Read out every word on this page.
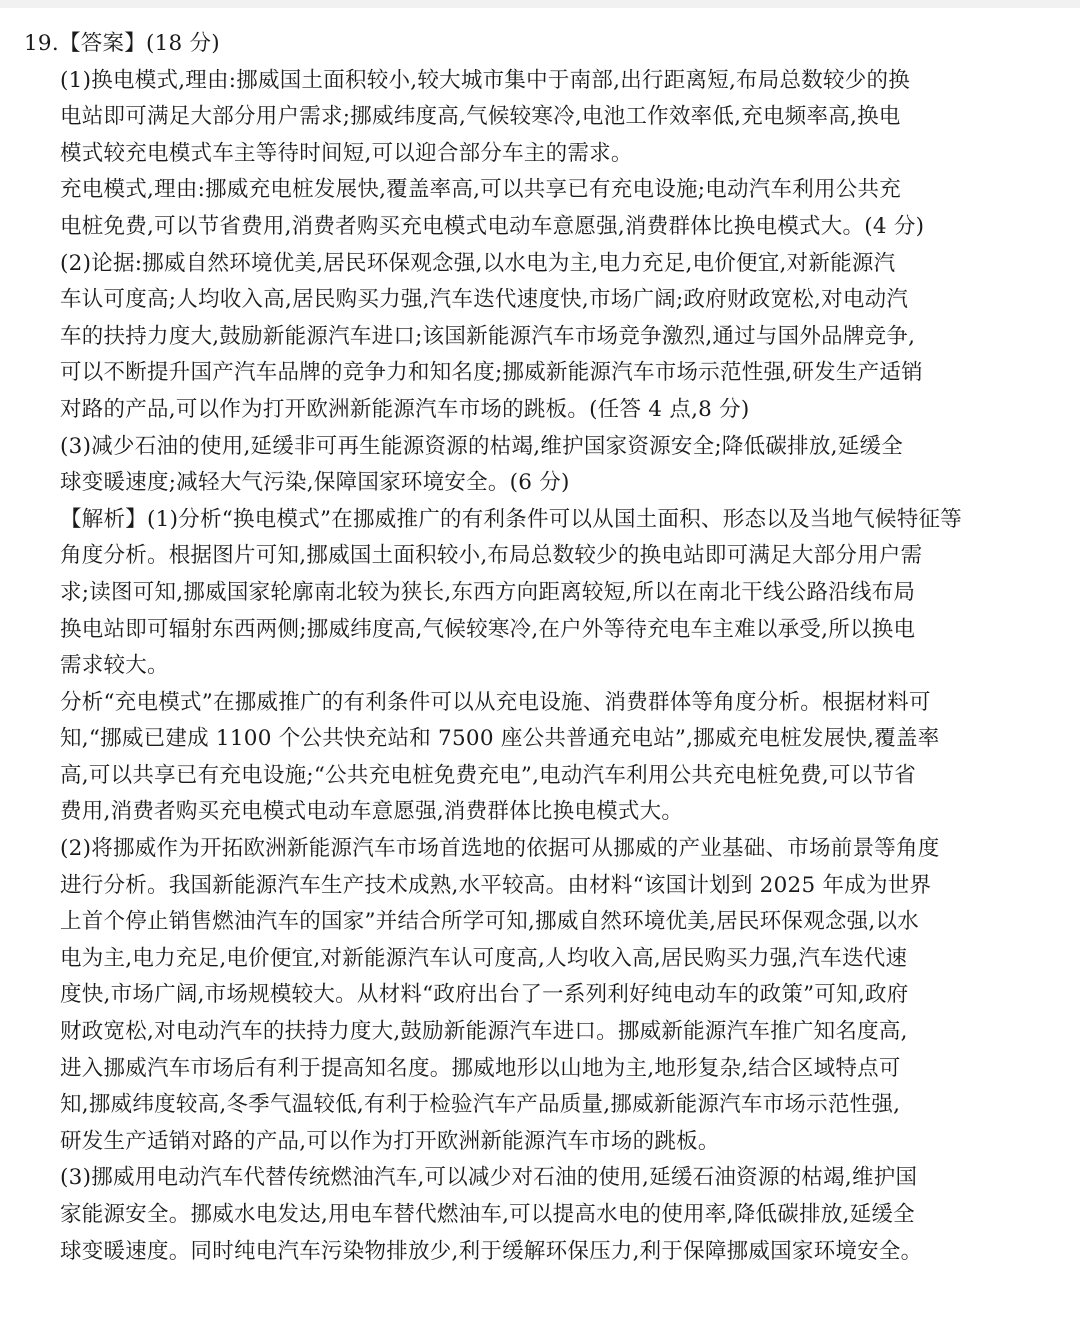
19.【答案】(18 分)
(1)换电模式,理由:挪威国土面积较小,较大城市集中于南部,出行距离短,布局总数较少的换
电站即可满足大部分用户需求;挪威纬度高,气候较寒冷,电池工作效率低,充电频率高,换电
模式较充电模式车主等待时间短,可以迎合部分车主的需求。
充电模式,理由:挪威充电桩发展快,覆盖率高,可以共享已有充电设施;电动汽车利用公共充
电桩免费,可以节省费用,消费者购买充电模式电动车意愿强,消费群体比换电模式大。(4 分)
(2)论据:挪威自然环境优美,居民环保观念强,以水电为主,电力充足,电价便宜,对新能源汽
车认可度高;人均收入高,居民购买力强,汽车迭代速度快,市场广阔;政府财政宽松,对电动汽
车的扶持力度大,鼓励新能源汽车进口;该国新能源汽车市场竞争激烈,通过与国外品牌竞争,
可以不断提升国产汽车品牌的竞争力和知名度;挪威新能源汽车市场示范性强,研发生产适销
对路的产品,可以作为打开欧洲新能源汽车市场的跳板。(任答 4 点,8 分)
(3)减少石油的使用,延缓非可再生能源资源的枯竭,维护国家资源安全;降低碳排放,延缓全
球变暖速度;减轻大气污染,保障国家环境安全。(6 分)
【解析】(1)分析“换电模式”在挪威推广的有利条件可以从国土面积、形态以及当地气候特征等
角度分析。根据图片可知,挪威国土面积较小,布局总数较少的换电站即可满足大部分用户需
求;读图可知,挪威国家轮廓南北较为狭长,东西方向距离较短,所以在南北干线公路沿线布局
换电站即可辐射东西两侧;挪威纬度高,气候较寒冷,在户外等待充电车主难以承受,所以换电
需求较大。
分析“充电模式”在挪威推广的有利条件可以从充电设施、消费群体等角度分析。根据材料可
知,“挪威已建成 1100 个公共快充站和 7500 座公共普通充电站”,挪威充电桩发展快,覆盖率
高,可以共享已有充电设施;“公共充电桩免费充电”,电动汽车利用公共充电桩免费,可以节省
费用,消费者购买充电模式电动车意愿强,消费群体比换电模式大。
(2)将挪威作为开拓欧洲新能源汽车市场首选地的依据可从挪威的产业基础、市场前景等角度
进行分析。我国新能源汽车生产技术成熟,水平较高。由材料“该国计划到 2025 年成为世界
上首个停止销售燃油汽车的国家”并结合所学可知,挪威自然环境优美,居民环保观念强,以水
电为主,电力充足,电价便宜,对新能源汽车认可度高,人均收入高,居民购买力强,汽车迭代速
度快,市场广阔,市场规模较大。从材料“政府出台了一系列利好纯电动车的政策”可知,政府
财政宽松,对电动汽车的扶持力度大,鼓励新能源汽车进口。挪威新能源汽车推广知名度高,
进入挪威汽车市场后有利于提高知名度。挪威地形以山地为主,地形复杂,结合区域特点可
知,挪威纬度较高,冬季气温较低,有利于检验汽车产品质量,挪威新能源汽车市场示范性强,
研发生产适销对路的产品,可以作为打开欧洲新能源汽车市场的跳板。
(3)挪威用电动汽车代替传统燃油汽车,可以减少对石油的使用,延缓石油资源的枯竭,维护国
家能源安全。挪威水电发达,用电车替代燃油车,可以提高水电的使用率,降低碳排放,延缓全
球变暖速度。同时纯电汽车污染物排放少,利于缓解环保压力,利于保障挪威国家环境安全。
